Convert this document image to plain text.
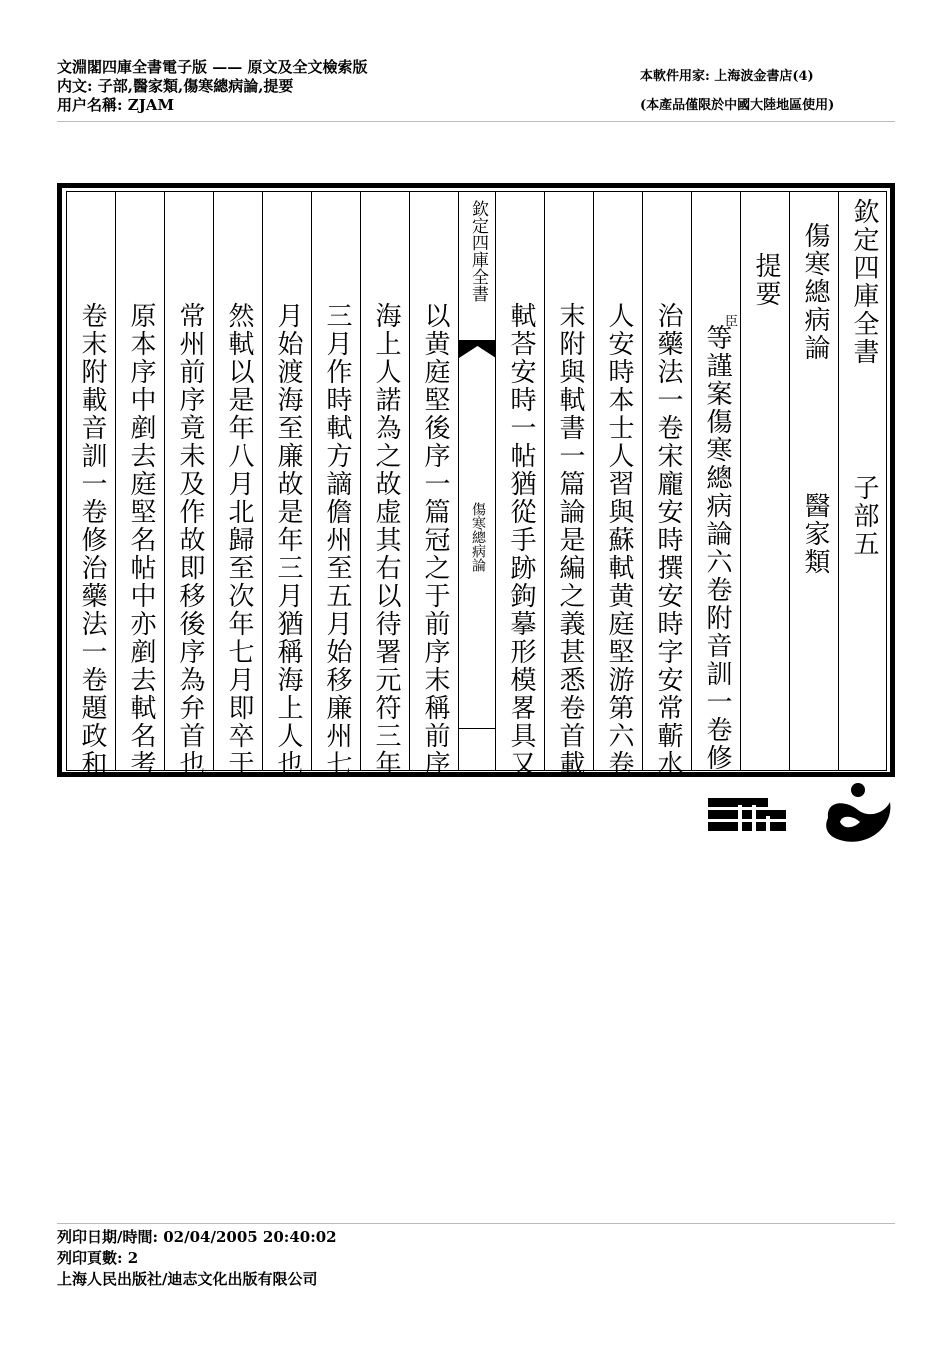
文淵閣四庫全書電子版 —— 原文及全文檢索版
内文: 子部,醫家類,傷寒總病論,提要
用户名稱: ZJAM
本軟件用家: 上海波金書店(4)
(本產品僅限於中國大陸地區使用)
欽定四庫全書
子部五
傷寒總病論
醫家類
提要
臣
等謹案傷寒總病論六卷附音訓一卷修
治藥法一卷宋龐安時撰安時字安常蘄水
人安時本士人習與蘇軾黄庭堅游第六卷
末附與軾書一篇論是編之義甚悉卷首載
軾荅安時一帖猶從手跡鉤摹形模畧具又
欽定四庫全書
傷寒總病論
以黄庭堅後序一篇冠之于前序末稱前序
海上人諾為之故虚其右以待署元符三年
三月作時軾方謫儋州至五月始移廉州七
月始渡海至廉故是年三月猶稱海上人也
然軾以是年八月北歸至次年七月即卒于
常州前序竟未及作故即移後序為弁首也
原本序中剷去庭堅名帖中亦剷去軾名考
卷末附載音訓一卷修治藥法一卷題政和
列印日期/時間: 02/04/2005 20:40:02
列印頁數: 2
上海人民出版社/迪志文化出版有限公司
